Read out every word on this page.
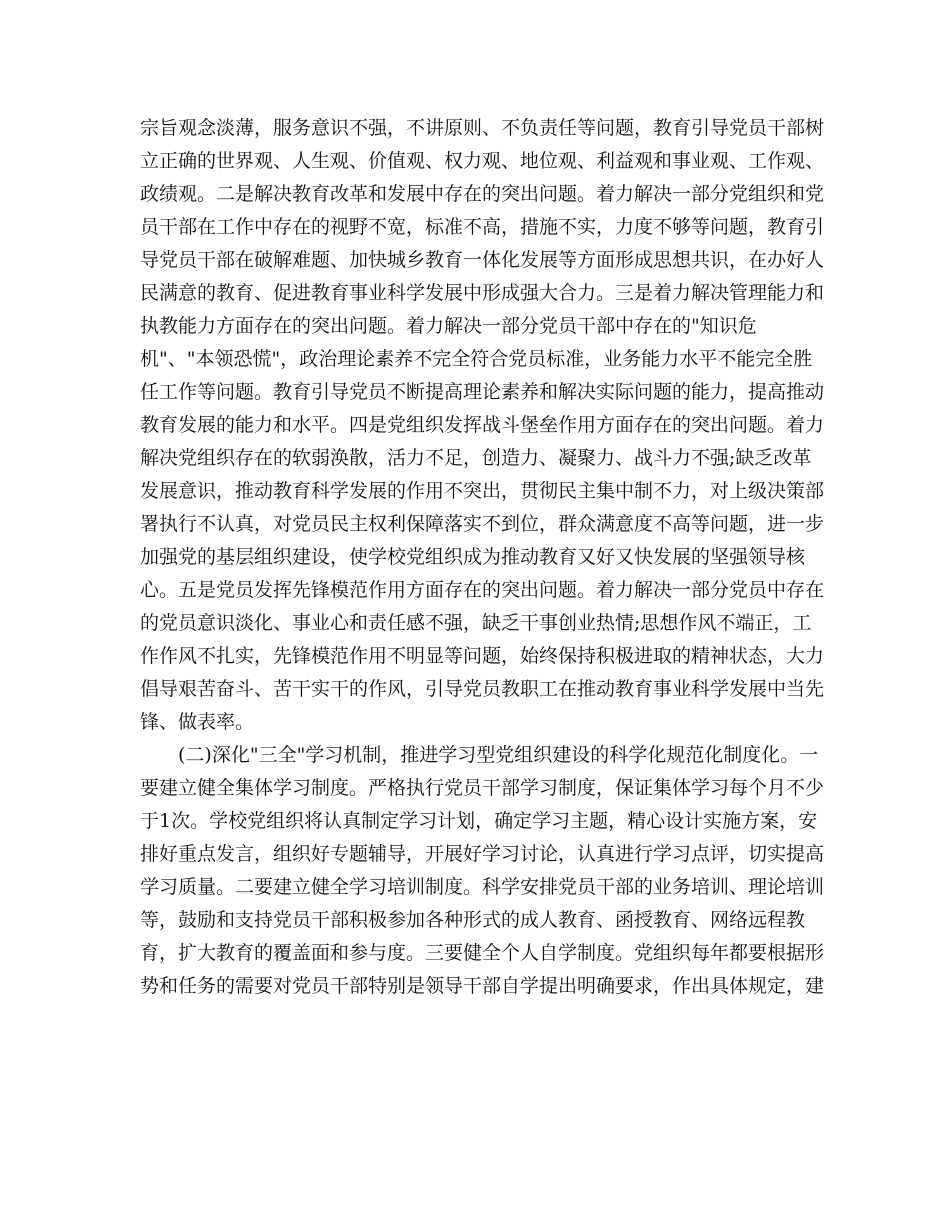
宗旨观念淡薄，服务意识不强，不讲原则、不负责任等问题，教育引导党员干部树
立正确的世界观、人生观、价值观、权力观、地位观、利益观和事业观、工作观、
政绩观。二是解决教育改革和发展中存在的突出问题。着力解决一部分党组织和党
员干部在工作中存在的视野不宽，标准不高，措施不实，力度不够等问题，教育引
导党员干部在破解难题、加快城乡教育一体化发展等方面形成思想共识，在办好人
民满意的教育、促进教育事业科学发展中形成强大合力。三是着力解决管理能力和
执教能力方面存在的突出问题。着力解决一部分党员干部中存在的"知识危
机"、"本领恐慌"，政治理论素养不完全符合党员标准，业务能力水平不能完全胜
任工作等问题。教育引导党员不断提高理论素养和解决实际问题的能力，提高推动
教育发展的能力和水平。四是党组织发挥战斗堡垒作用方面存在的突出问题。着力
解决党组织存在的软弱涣散，活力不足，创造力、凝聚力、战斗力不强;缺乏改革
发展意识，推动教育科学发展的作用不突出，贯彻民主集中制不力，对上级决策部
署执行不认真，对党员民主权利保障落实不到位，群众满意度不高等问题，进一步
加强党的基层组织建设，使学校党组织成为推动教育又好又快发展的坚强领导核
心。五是党员发挥先锋模范作用方面存在的突出问题。着力解决一部分党员中存在
的党员意识淡化、事业心和责任感不强，缺乏干事创业热情;思想作风不端正，工
作作风不扎实，先锋模范作用不明显等问题，始终保持积极进取的精神状态，大力
倡导艰苦奋斗、苦干实干的作风，引导党员教职工在推动教育事业科学发展中当先
锋、做表率。
(二)深化"三全"学习机制，推进学习型党组织建设的科学化规范化制度化。一
要建立健全集体学习制度。严格执行党员干部学习制度，保证集体学习每个月不少
于1次。学校党组织将认真制定学习计划，确定学习主题，精心设计实施方案，安
排好重点发言，组织好专题辅导，开展好学习讨论，认真进行学习点评，切实提高
学习质量。二要建立健全学习培训制度。科学安排党员干部的业务培训、理论培训
等，鼓励和支持党员干部积极参加各种形式的成人教育、函授教育、网络远程教
育，扩大教育的覆盖面和参与度。三要健全个人自学制度。党组织每年都要根据形
势和任务的需要对党员干部特别是领导干部自学提出明确要求，作出具体规定，建
